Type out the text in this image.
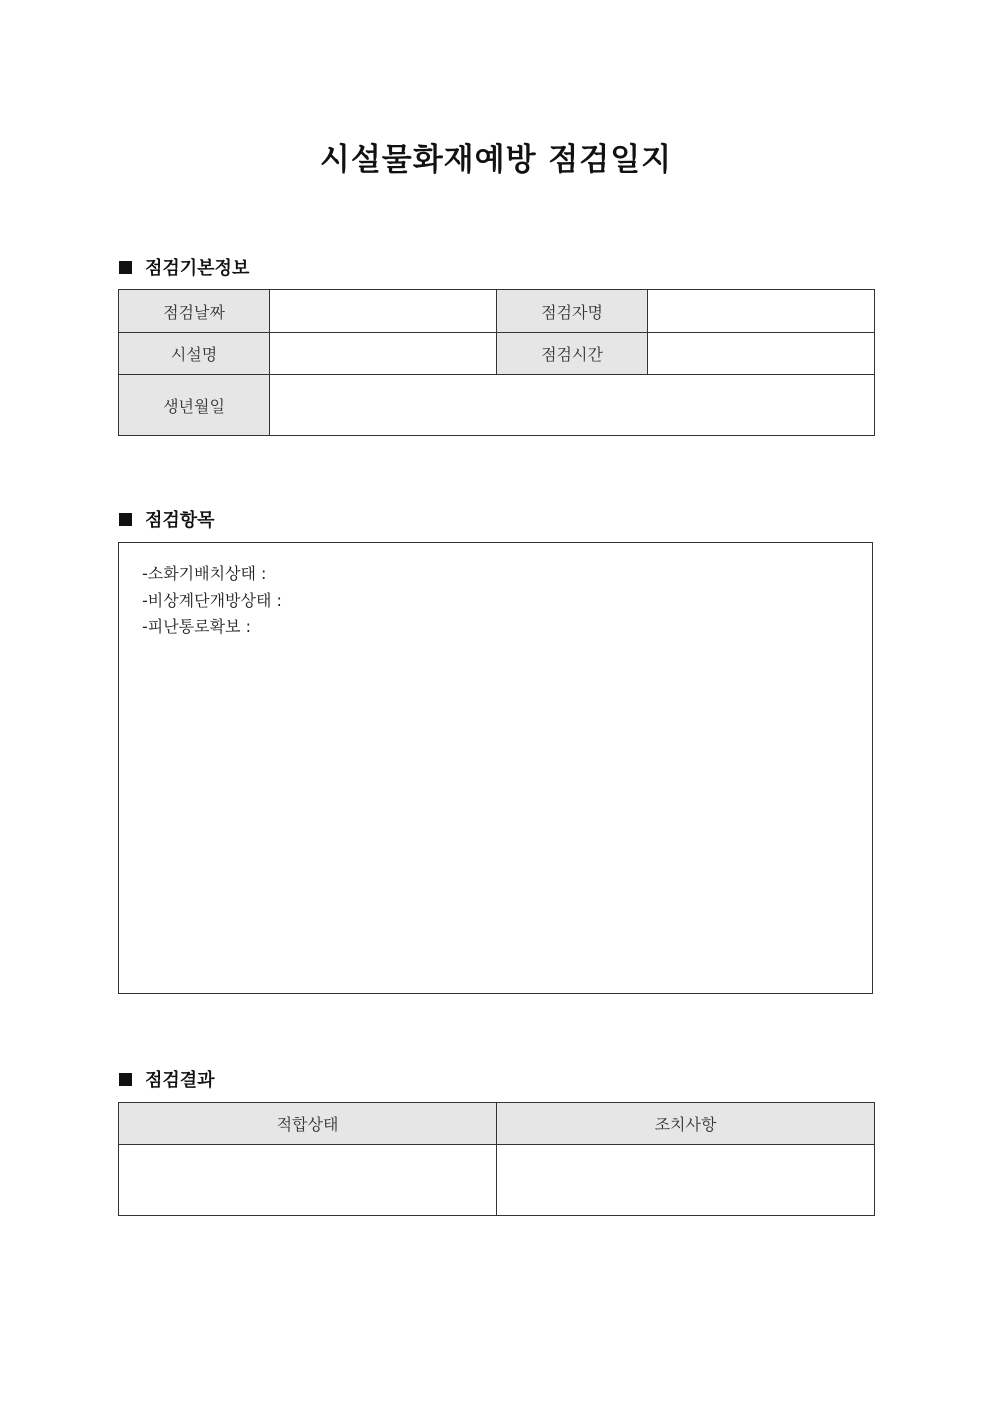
시설물화재예방 점검일지
점검기본정보
점검날짜		점검자명	
시설명		점검시간	
생년월일			
점검항목
-소화기배치상태 :
-비상계단개방상태 :
-피난통로확보 :
점검결과
적합상태	조치사항
